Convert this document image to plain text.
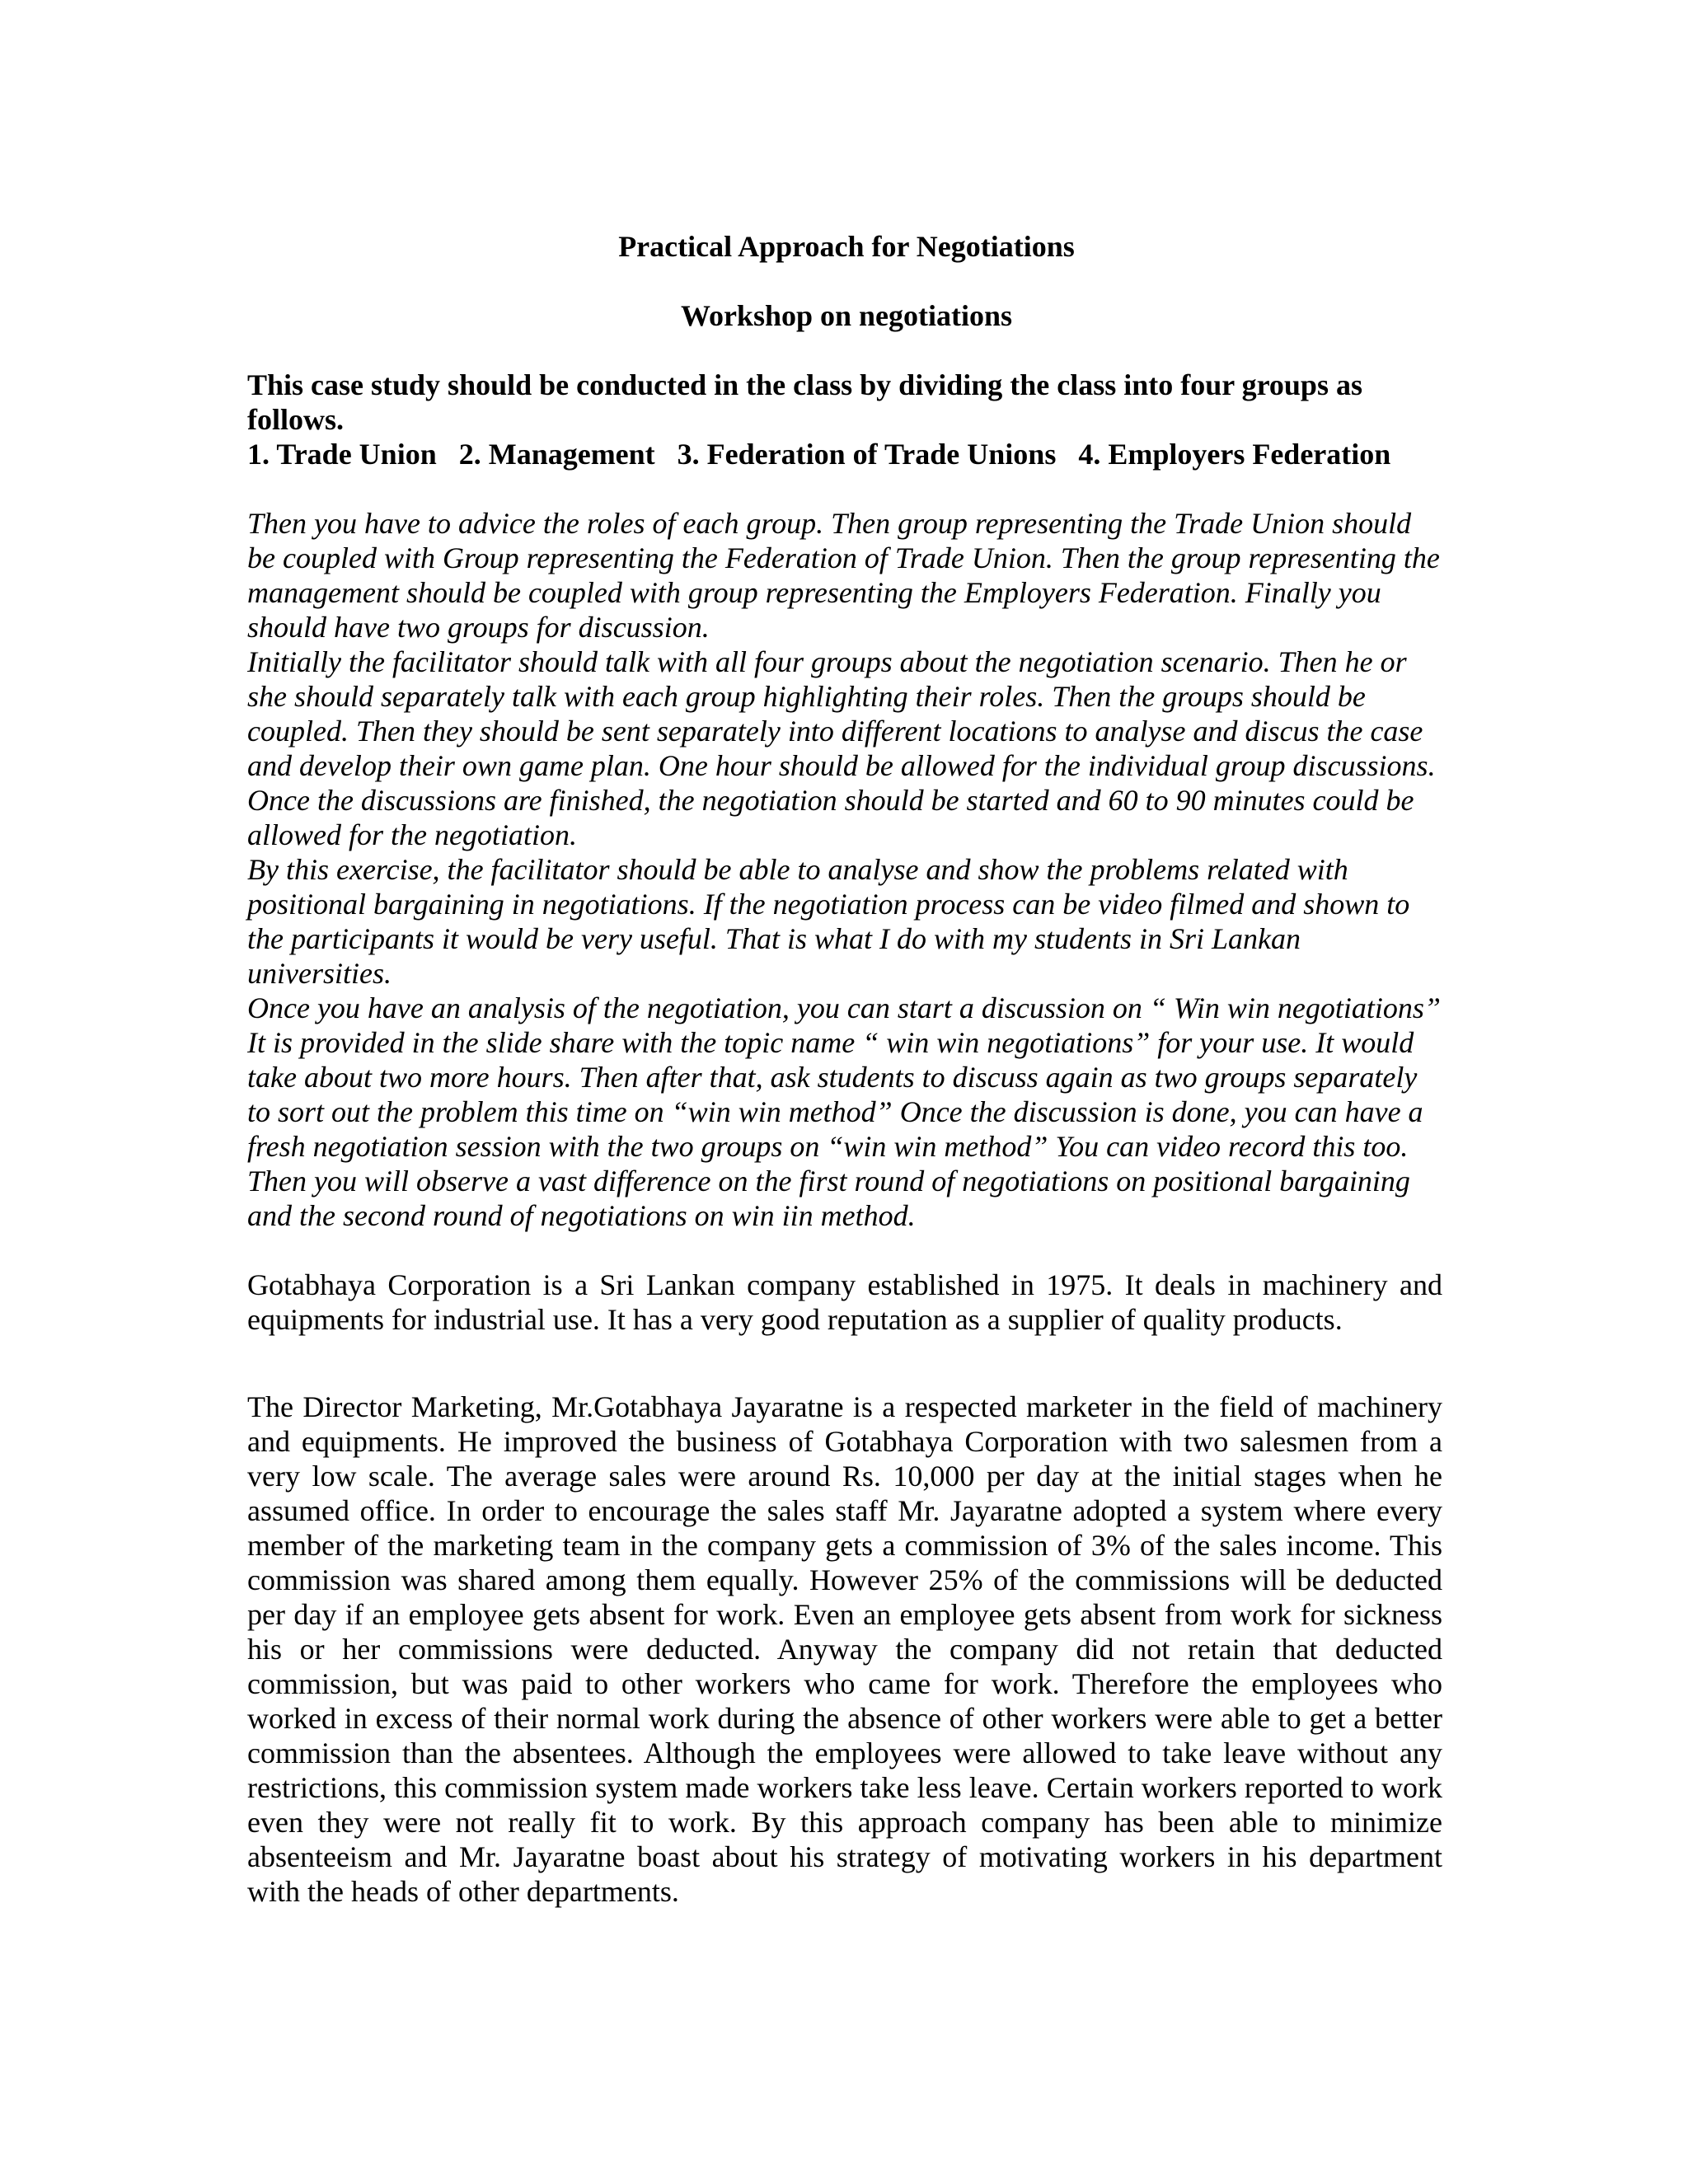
Practical Approach for Negotiations

Workshop on negotiations

This case study should be conducted in the class by dividing the class into four groups as follows.
1. Trade Union   2. Management   3. Federation of Trade Unions   4. Employers Federation

Then you have to advice the roles of each group. Then group representing the Trade Union should be coupled with Group representing the Federation of Trade Union. Then the group representing the management should be coupled with group representing the Employers Federation. Finally you should have two groups for discussion.

Initially the facilitator should talk with all four groups about the negotiation scenario. Then he or she should separately talk with each group highlighting their roles. Then the groups should be coupled. Then they should be sent separately into different locations to analyse and discus the case and develop their own game plan. One hour should be allowed for the individual group discussions. Once the discussions are finished, the negotiation should be started and 60 to 90 minutes could be allowed for the negotiation.

By this exercise, the facilitator should be able to analyse and show the problems related with positional bargaining in negotiations. If the negotiation process can be video filmed and shown to the participants it would be very useful. That is what I do with my students in Sri Lankan universities.

Once you have an analysis of the negotiation, you can start a discussion on “ Win win negotiations” It is provided in the slide share with the topic name “ win win negotiations” for your use. It would take about two more hours. Then after that, ask students to discuss again as two groups separately to sort out the problem this time on “win win method” Once the discussion is done, you can have a fresh negotiation session with the two groups on “win win method” You can video record this too. Then you will observe a vast difference on the first round of negotiations on positional bargaining and the second round of negotiations on win iin method.

Gotabhaya Corporation is a Sri Lankan company established in 1975. It deals in machinery and equipments for industrial use. It has a very good reputation as a supplier of quality products.

The Director Marketing, Mr.Gotabhaya Jayaratne is a respected marketer in the field of machinery and equipments. He improved the business of Gotabhaya Corporation with two salesmen from a very low scale. The average sales were around Rs. 10,000 per day at the initial stages when he assumed office. In order to encourage the sales staff Mr. Jayaratne adopted a system where every member of the marketing team in the company gets a commission of 3% of the sales income. This commission was shared among them equally. However 25% of the commissions will be deducted per day if an employee gets absent for work. Even an employee gets absent from work for sickness his or her commissions were deducted. Anyway the company did not retain that deducted commission, but was paid to other workers who came for work. Therefore the employees who worked in excess of their normal work during the absence of other workers were able to get a better commission than the absentees. Although the employees were allowed to take leave without any restrictions, this commission system made workers take less leave. Certain workers reported to work even they were not really fit to work. By this approach company has been able to minimize absenteeism and Mr. Jayaratne boast about his strategy of motivating workers in his department with the heads of other departments.
